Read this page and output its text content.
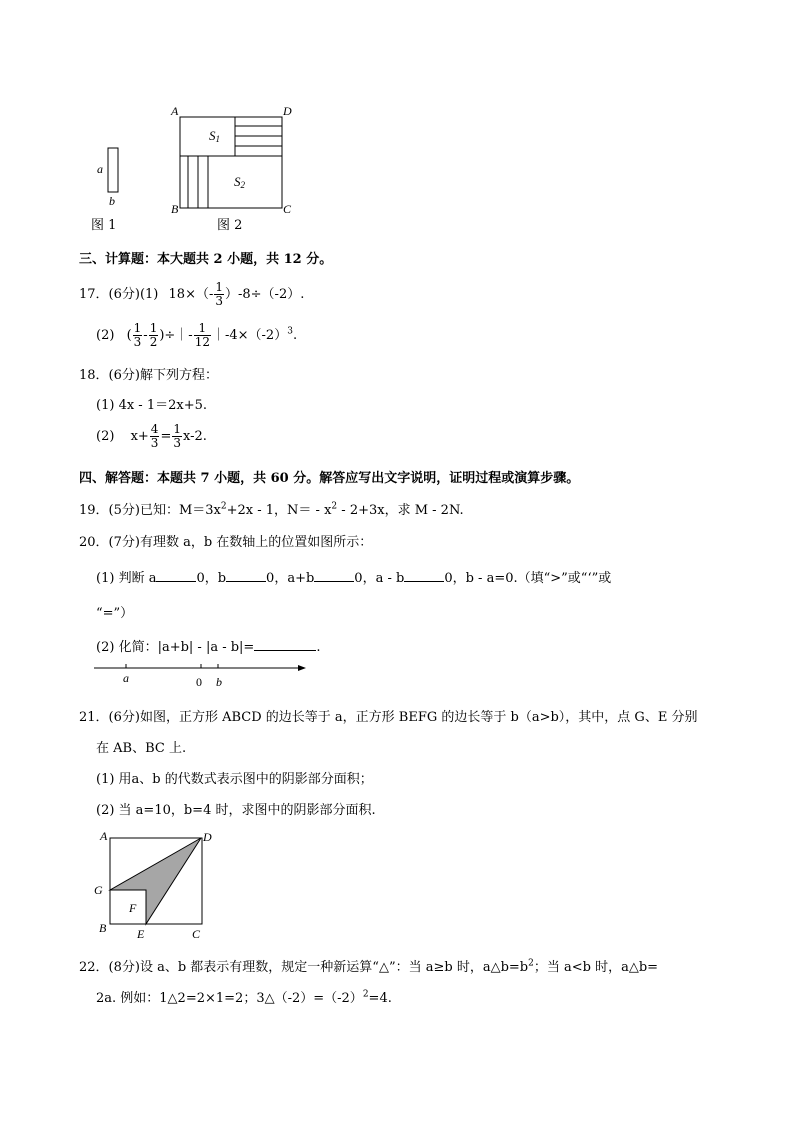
a
b
图 1
A	D
B	C
S1
S2
图 2
三、计算题：本大题共 2 小题，共 12 分。
17．(6分)(1) $18\times(- \frac{1}{3} )-8\div(-2)$.
(2) ( $\frac{1}{3} - \frac{1}{2}$ )÷｜- $\frac{1}{12}$ $|-4\times(-2)^3$.
18．(6分)解下列方程：
(1) 4x - 1＝2x+5.
(2) $x+ \frac{4}{3} = \frac{1}{3} x-2$.
四、解答题：本题共 7 小题，共 60 分。解答应写出文字说明，证明过程或演算步骤。
19．(5分)已知：$M=3x^2+2x - 1$，$N= - x^2 - 2+3x$，求 M - 2N.
20．(7分)有理数 a，b 在数轴上的位置如图所示：
(1) 判断 a	0，b	0，a+b	0，a - b	0，b - a=0.（填“>”或“‘”或
“=”）
(2) 化简：|a+b| - |a - b|=	.
a	0 b
21．(6分)如图，正方形 ABCD 的边长等于 a，正方形 BEFG 的边长等于 b（a>b），其中，点 G、E 分别
在 AB、BC 上.
(1) 用a、b 的代数式表示图中的阴影部分面积；
(2) 当 a=10，b=4 时，求图中的阴影部分面积.
A	D
G
F
B	E	C
22．(8分)设 a、b 都表示有理数，规定一种新运算“△”：当 a≥b 时，$a\triangle b=b^2$；当 a<b 时，a△b=
2a. 例如：1△2=2×1=2；$3\triangle(-2)=(-2)^2=4$.
